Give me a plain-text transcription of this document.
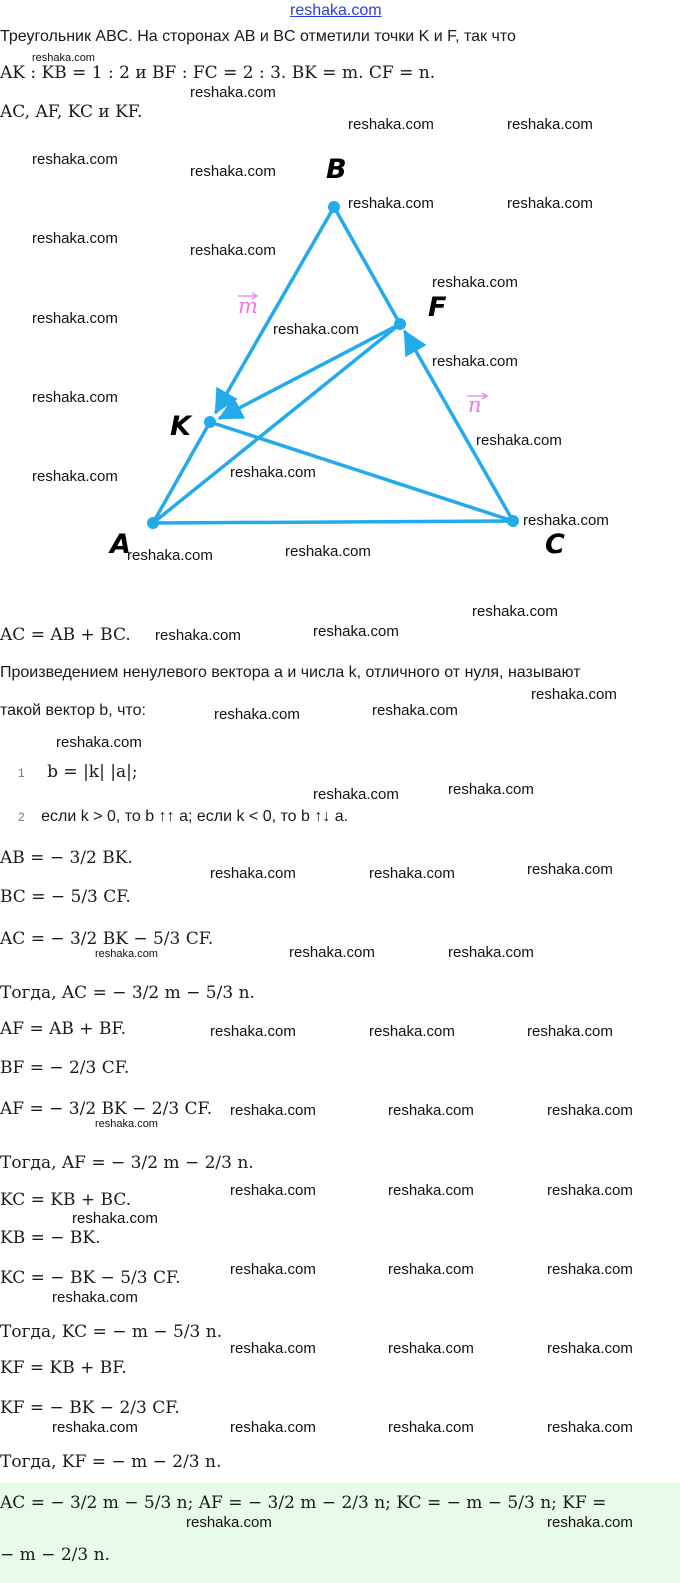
reshaka.com
Треугольник ABC. На сторонах AB и BC отметили точки K и F, так что
AK : KB = 1 : 2 и BF : FC = 2 : 3. BK = m. CF = n.
AC, AF, KC и KF.
A
B
C
K
F
m
n
AC = AB + BC.
Произведением ненулевого вектора a и числа k, отличного от нуля, называют
такой вектор b, что:
1 b = |k| |a|;
2 если k > 0, то b ↑↑ a; если k < 0, то b ↑↓ a.
AB = − 3/2 BK.
BC = − 5/3 CF.
AC = − 3/2 BK − 5/3 CF.
Тогда, AC = − 3/2 m − 5/3 n.
AF = AB + BF.
BF = − 2/3 CF.
AF = − 3/2 BK − 2/3 CF.
Тогда, AF = − 3/2 m − 2/3 n.
KC = KB + BC.
KB = − BK.
KC = − BK − 5/3 CF.
Тогда, KC = − m − 5/3 n.
KF = KB + BF.
KF = − BK − 2/3 CF.
Тогда, KF = − m − 2/3 n.
AC = − 3/2 m − 5/3 n; AF = − 3/2 m − 2/3 n; KC = − m − 5/3 n; KF =
− m − 2/3 n.
reshaka.com
reshaka.com
reshaka.com	reshaka.com
reshaka.com
reshaka.com
reshaka.com	reshaka.com
reshaka.com
reshaka.com
reshaka.com
reshaka.com
reshaka.com
reshaka.com
reshaka.com
reshaka.com
reshaka.com	reshaka.com
reshaka.com
reshaka.com	reshaka.com
reshaka.com
reshaka.com	reshaka.com
reshaka.com
reshaka.com	reshaka.com
reshaka.com
reshaka.com
reshaka.com
reshaka.com	reshaka.com	reshaka.com
reshaka.com	reshaka.com
reshaka.com
reshaka.com	reshaka.com	reshaka.com
reshaka.com	reshaka.com	reshaka.com
reshaka.com
reshaka.com	reshaka.com	reshaka.com
reshaka.com
reshaka.com	reshaka.com	reshaka.com
reshaka.com
reshaka.com	reshaka.com	reshaka.com
reshaka.com	reshaka.com	reshaka.com	reshaka.com
reshaka.com	reshaka.com
